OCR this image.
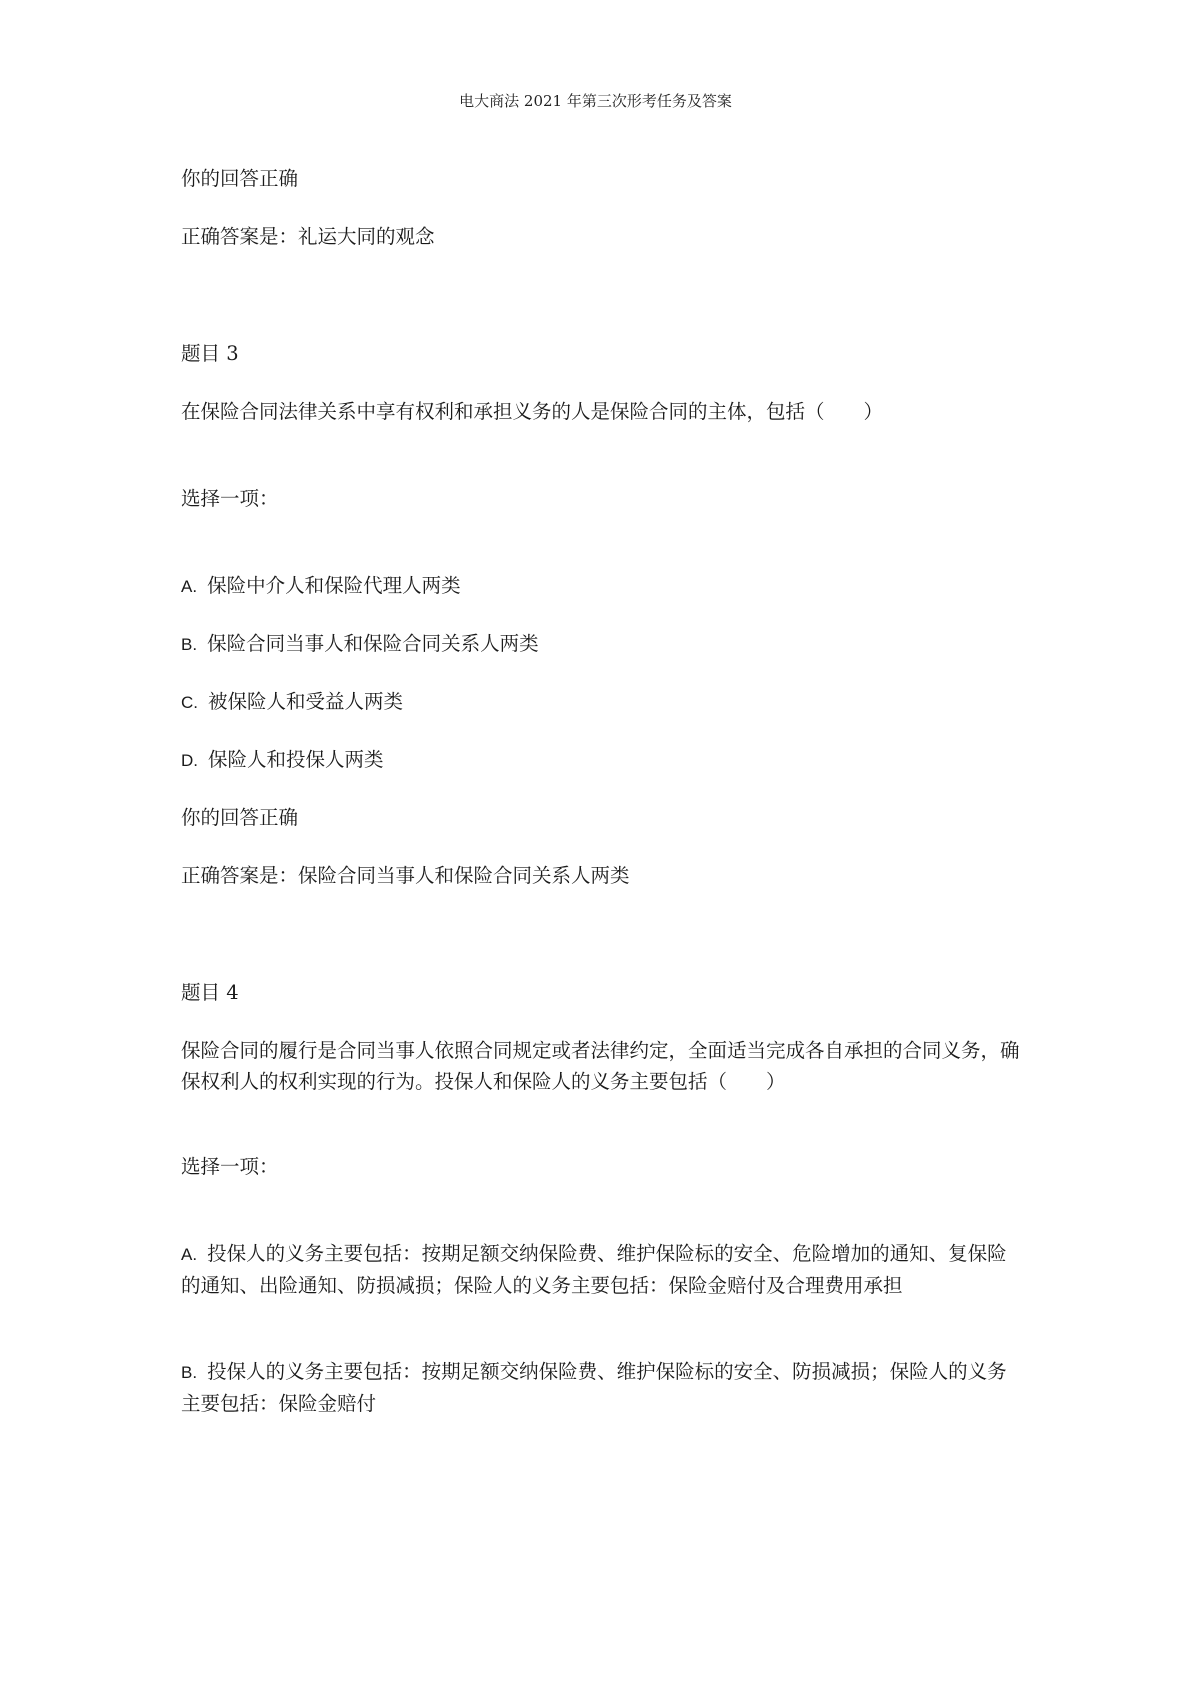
电大商法 2021 年第三次形考任务及答案
你的回答正确
正确答案是：礼运大同的观念
题目 3
在保险合同法律关系中享有权利和承担义务的人是保险合同的主体，包括（　　）
选择一项：
A. 保险中介人和保险代理人两类
B. 保险合同当事人和保险合同关系人两类
C. 被保险人和受益人两类
D. 保险人和投保人两类
你的回答正确
正确答案是：保险合同当事人和保险合同关系人两类
题目 4
保险合同的履行是合同当事人依照合同规定或者法律约定，全面适当完成各自承担的合同义务，确保权利人的权利实现的行为。投保人和保险人的义务主要包括（　　）
选择一项：
A. 投保人的义务主要包括：按期足额交纳保险费、维护保险标的安全、危险增加的通知、复保险的通知、出险通知、防损减损；保险人的义务主要包括：保险金赔付及合理费用承担
B. 投保人的义务主要包括：按期足额交纳保险费、维护保险标的安全、防损减损；保险人的义务主要包括：保险金赔付
